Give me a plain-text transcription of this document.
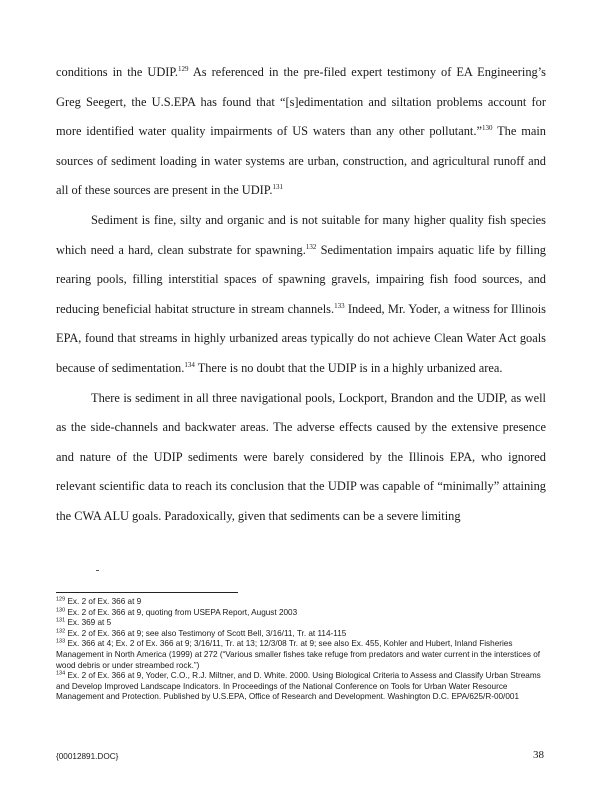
conditions in the UDIP.$^{129}$ As referenced in the pre-filed expert testimony of EA Engineering’s Greg Seegert, the U.S.EPA has found that “[s]edimentation and siltation problems account for more identified water quality impairments of US waters than any other pollutant.”$^{130}$ The main sources of sediment loading in water systems are urban, construction, and agricultural runoff and all of these sources are present in the UDIP.$^{131}$

Sediment is fine, silty and organic and is not suitable for many higher quality fish species which need a hard, clean substrate for spawning.$^{132}$ Sedimentation impairs aquatic life by filling rearing pools, filling interstitial spaces of spawning gravels, impairing fish food sources, and reducing beneficial habitat structure in stream channels.$^{133}$ Indeed, Mr. Yoder, a witness for Illinois EPA, found that streams in highly urbanized areas typically do not achieve Clean Water Act goals because of sedimentation.$^{134}$ There is no doubt that the UDIP is in a highly urbanized area.

There is sediment in all three navigational pools, Lockport, Brandon and the UDIP, as well as the side-channels and backwater areas. The adverse effects caused by the extensive presence and nature of the UDIP sediments were barely considered by the Illinois EPA, who ignored relevant scientific data to reach its conclusion that the UDIP was capable of “minimally” attaining the CWA ALU goals. Paradoxically, given that sediments can be a severe limiting

$^{129}$ Ex. 2 of Ex. 366 at 9
$^{130}$ Ex. 2 of Ex. 366 at 9, quoting from USEPA Report, August 2003
$^{131}$ Ex. 369 at 5
$^{132}$ Ex. 2 of Ex. 366 at 9; see also Testimony of Scott Bell, 3/16/11, Tr. at 114-115
$^{133}$ Ex. 366 at 4; Ex. 2 of Ex. 366 at 9; 3/16/11, Tr. at 13; 12/3/08 Tr. at 9; see also Ex. 455, Kohler and Hubert, Inland Fisheries Management in North America (1999) at 272 (“Various smaller fishes take refuge from predators and water current in the interstices of wood debris or under streambed rock.”)
$^{134}$ Ex. 2 of Ex. 366 at 9, Yoder, C.O., R.J. Miltner, and D. White. 2000. Using Biological Criteria to Assess and Classify Urban Streams and Develop Improved Landscape Indicators. In Proceedings of the National Conference on Tools for Urban Water Resource Management and Protection. Published by U.S.EPA, Office of Research and Development. Washington D.C. EPA/625/R-00/001
{00012891.DOC}	38
